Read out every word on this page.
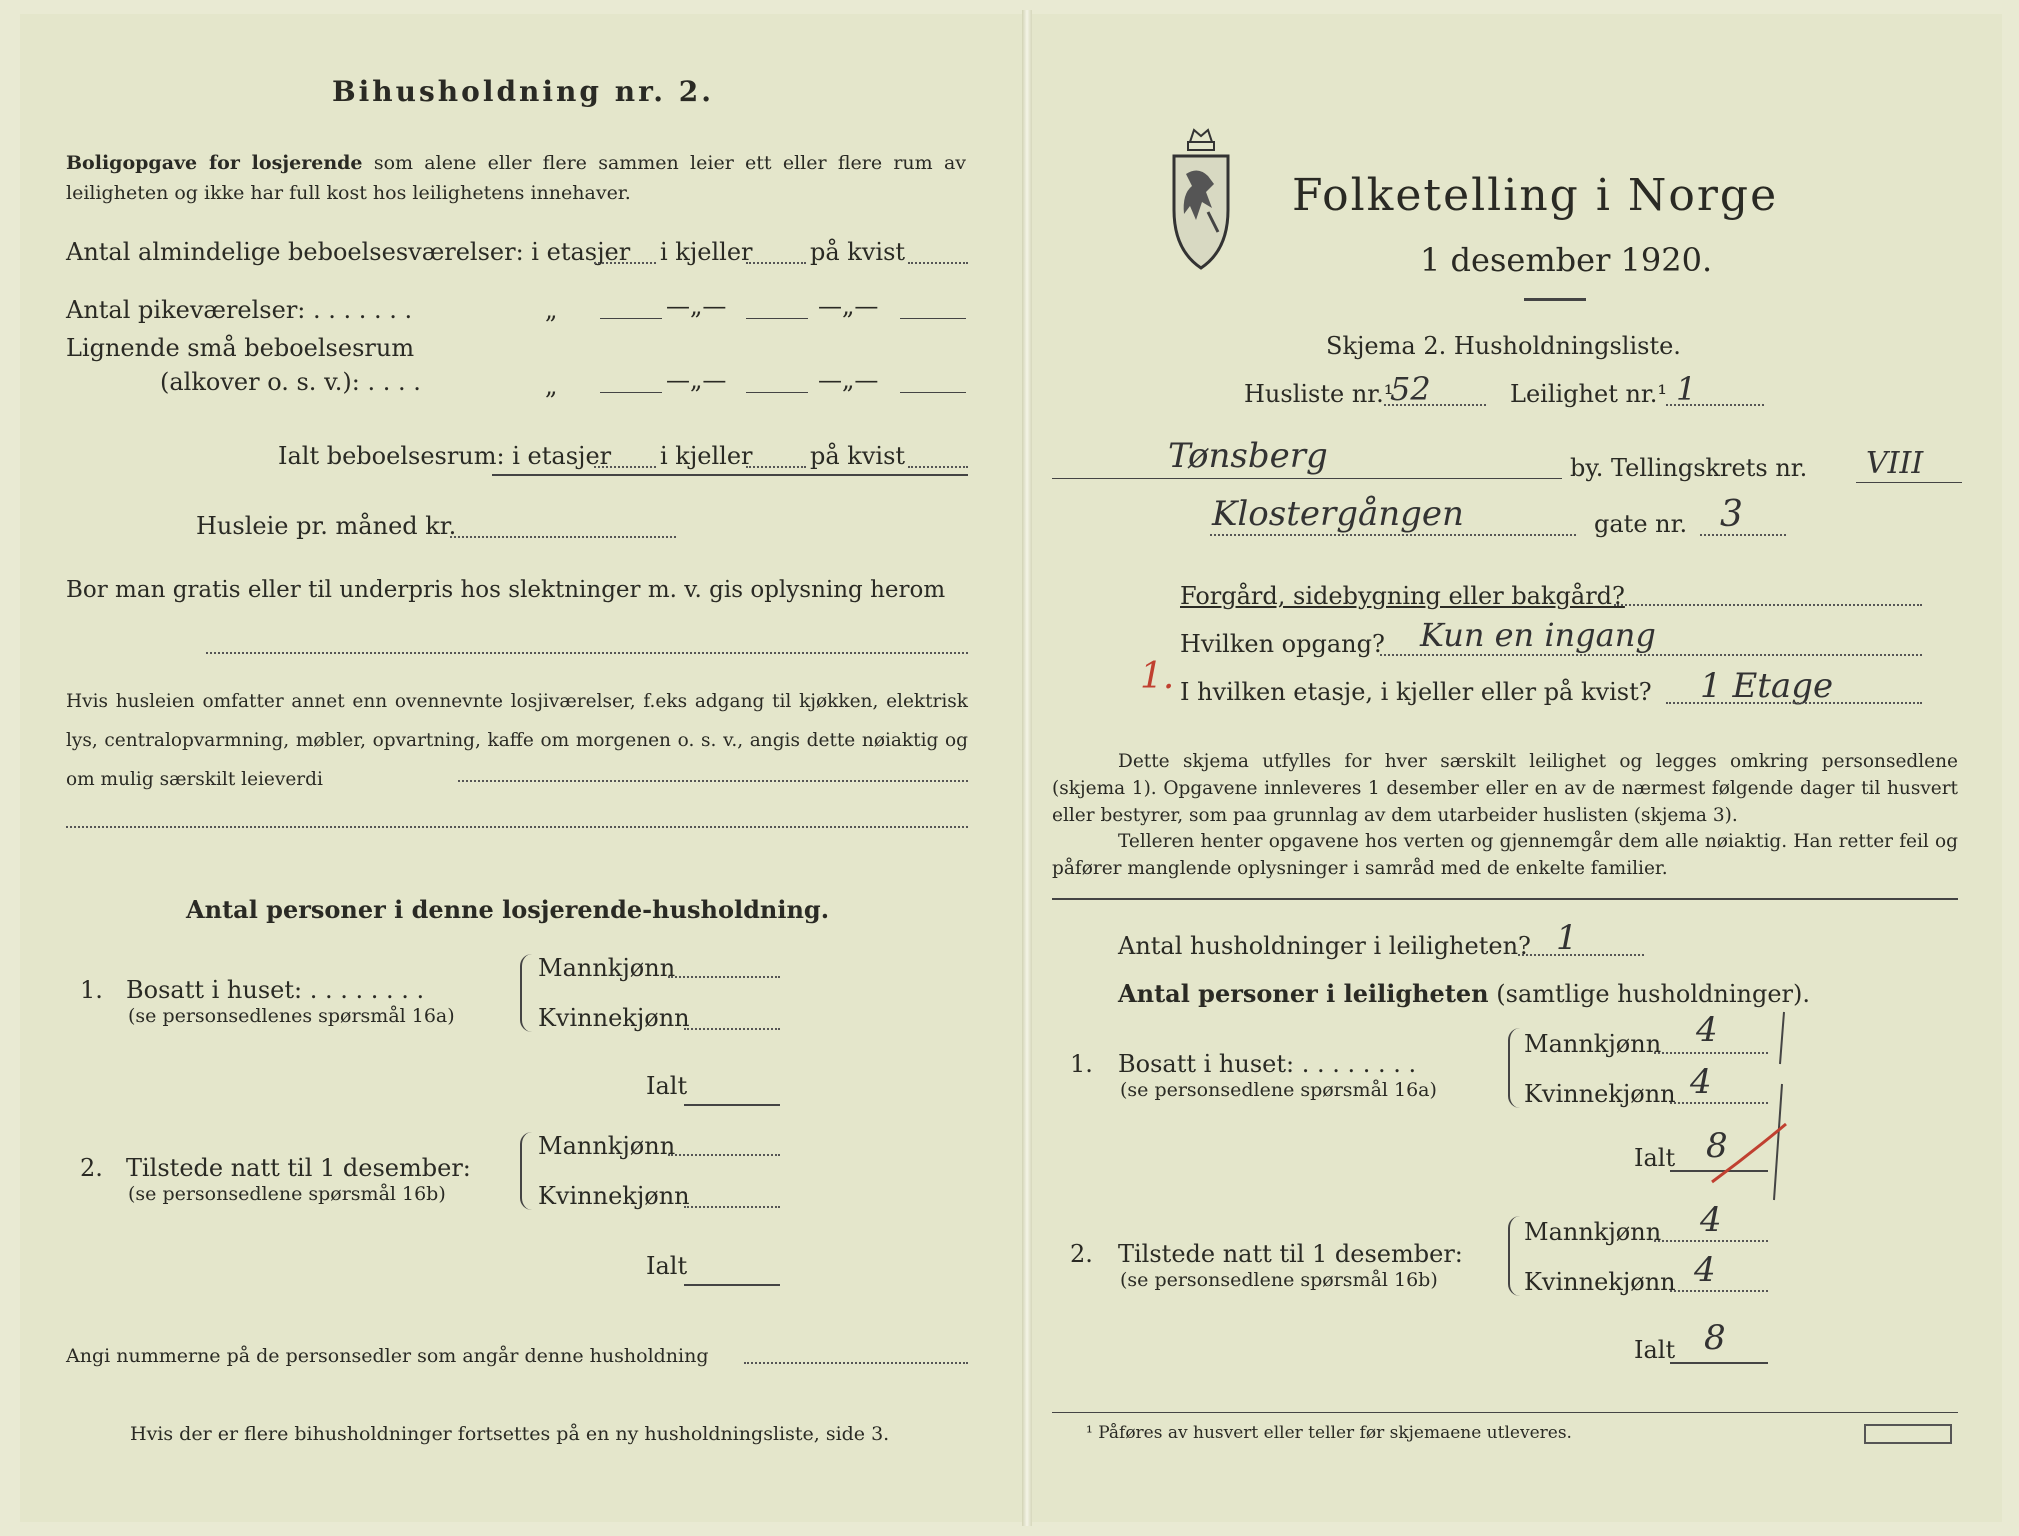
Bihusholdning nr. 2.
Boligopgave for losjerende som alene eller flere sammen leier ett eller flere rum av leiligheten og ikke har full kost hos leilighetens innehaver.
Antal almindelige beboelsesværelser: i etasjer i kjeller på kvist
Antal pikeværelser: . . . . . . .	„	—„—	—„—
Lignende små beboelsesrum
(alkover o. s. v.): . . . .	„	—„—	—„—
Ialt beboelsesrum: i etasjer i kjeller på kvist
Husleie pr. måned kr.
Bor man gratis eller til underpris hos slektninger m. v. gis oplysning herom
Hvis husleien omfatter annet enn ovennevnte losjiværelser, f.eks adgang til kjøkken, elektrisk lys, centralopvarmning, møbler, opvartning, kaffe om morgenen o. s. v., angis dette nøiaktig og om mulig særskilt leieverdi
Antal personer i denne losjerende-husholdning.
1. Bosatt i huset: . . . . . . . .
(se personsedlenes spørsmål 16a)
Mannkjønn
Kvinnekjønn
Ialt
2. Tilstede natt til 1 desember:
(se personsedlene spørsmål 16b)
Mannkjønn
Kvinnekjønn
Ialt
Angi nummerne på de personsedler som angår denne husholdning
Hvis der er flere bihusholdninger fortsettes på en ny husholdningsliste, side 3.
Folketelling i Norge
1 desember 1920.
Skjema 2. Husholdningsliste.
Husliste nr.¹
52	Leilighet nr.¹ 1
Tønsberg	by. Tellingskrets nr. VIII
Klostergången	gate nr. 3
Forgård, sidebygning eller bakgård?
Hvilken opgang? Kun en ingang
1. I hvilken etasje, i kjeller eller på kvist? 1 Etage
Dette skjema utfylles for hver særskilt leilighet og legges omkring personsedlene (skjema 1). Opgavene innleveres 1 desember eller en av de nærmest følgende dager til husvert eller bestyrer, som paa grunnlag av dem utarbeider huslisten (skjema 3).
Telleren henter opgavene hos verten og gjennemgår dem alle nøiaktig. Han retter feil og påfører manglende oplysninger i samråd med de enkelte familier.
Antal husholdninger i leiligheten? 1
Antal personer i leiligheten (samtlige husholdninger).
1. Bosatt i huset: . . . . . . . .
(se personsedlene spørsmål 16a)
Mannkjønn 4
Kvinnekjønn 4
Ialt 8
2. Tilstede natt til 1 desember:
(se personsedlene spørsmål 16b)
Mannkjønn 4
Kvinnekjønn 4
Ialt 8
¹ Påføres av husvert eller teller før skjemaene utleveres.
